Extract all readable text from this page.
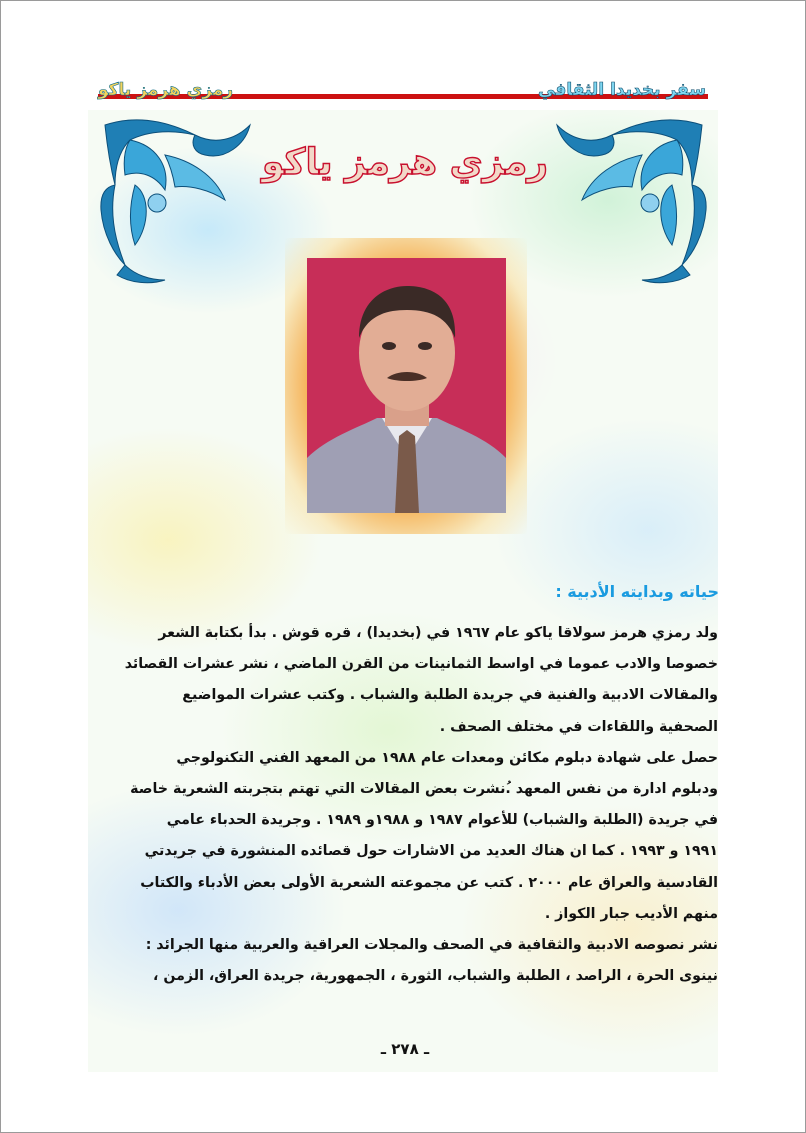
سفر بخديدا الثقافي
رمزي هرمز ياكو
رمزي هرمز ياكو
حياته وبدايته الأدبية :
ولد رمزي هرمز سولاقا ياكو عام ١٩٦٧ في (بخديدا) ، قره قوش . بدأ بكتابة الشعر
خصوصا والادب عموما في اواسط الثمانينات من القرن الماضي ، نشر عشرات القصائد
والمقالات الادبية والفنية في جريدة الطلبة والشباب . وكتب عشرات المواضيع
الصحفية واللقاءات في مختلف الصحف .
حصل على شهادة دبلوم مكائن ومعدات عام ١٩٨٨ من المعهد الفني التكنولوجي
ودبلوم ادارة من نفس المعهد .ُنشرت بعض المقالات التي تهتم بتجربته الشعرية خاصة
في جريدة (الطلبة والشباب) للأعوام ١٩٨٧ و ١٩٨٨و ١٩٨٩ . وجريدة الحدباء عامي
١٩٩١ و ١٩٩٣ . كما ان هناك العديد من الاشارات حول قصائده المنشورة في جريدتي
القادسية والعراق عام ٢٠٠٠ . كتب عن مجموعته الشعرية الأولى بعض الأدباء والكتاب
منهم الأديب جبار الكواز .
نشر نصوصه الادبية والثقافية في الصحف والمجلات العراقية والعربية منها الجرائد :
نينوى الحرة ، الراصد ، الطلبة والشباب، الثورة ، الجمهورية، جريدة العراق، الزمن ،
ـ ٢٧٨ ـ
